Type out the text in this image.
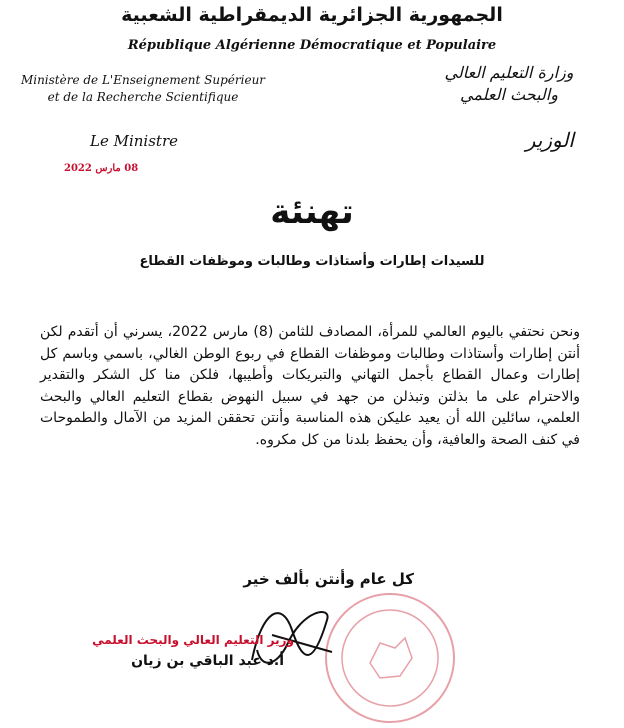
الجمهورية الجزائرية الديمقراطية الشعبية
République Algérienne Démocratique et Populaire
Ministère de L'Enseignement Supérieur
et de la Recherche Scientifique
وزارة التعليم العالي
والبحث العلمي
Le Ministre	الوزير
08 مارس 2022
تهنئة
للسيدات إطارات وأستاذات وطالبات وموظفات القطاع

ونحن نحتفي باليوم العالمي للمرأة، المصادف للثامن (8) مارس 2022، يسرني أن أتقدم لكن أنتن إطارات وأستاذات وطالبات وموظفات القطاع في ربوع الوطن الغالي، باسمي وباسم كل إطارات وعمال القطاع بأجمل التهاني والتبريكات وأطيبها، فلكن منا كل الشكر والتقدير والاحترام على ما بذلتن وتبذلن من جهد في سبيل النهوض بقطاع التعليم العالي والبحث العلمي، سائلين الله أن يعيد عليكن هذه المناسبة وأنتن تحققن المزيد من الآمال والطموحات في كنف الصحة والعافية، وأن يحفظ بلدنا من كل مكروه.

كل عام وأنتن بألف خير
وزير التعليم العالي والبحث العلمي
أ.د عبد الباقي بن زيان
